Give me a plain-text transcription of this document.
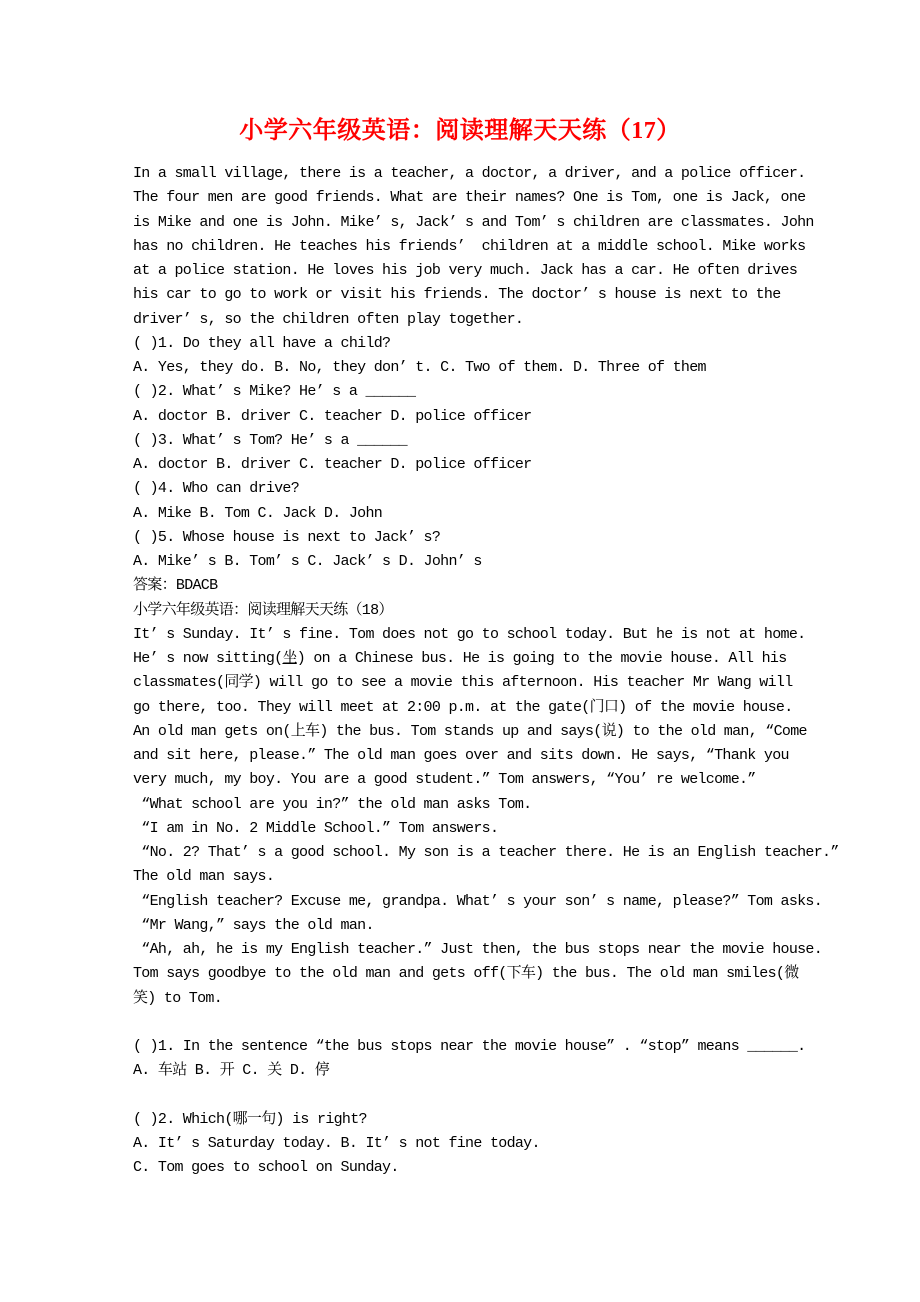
小学六年级英语：阅读理解天天练（17）
In a small village, there is a teacher, a doctor, a driver, and a police officer.
The four men are good friends. What are their names? One is Tom, one is Jack, one
is Mike and one is John. Mike’ s, Jack’ s and Tom’ s children are classmates. John
has no children. He teaches his friends’  children at a middle school. Mike works
at a police station. He loves his job very much. Jack has a car. He often drives
his car to go to work or visit his friends. The doctor’ s house is next to the
driver’ s, so the children often play together.
( )1. Do they all have a child?
A. Yes, they do. B. No, they don’ t. C. Two of them. D. Three of them
( )2. What’ s Mike? He’ s a ______
A. doctor B. driver C. teacher D. police officer
( )3. What’ s Tom? He’ s a ______
A. doctor B. driver C. teacher D. police officer
( )4. Who can drive?
A. Mike B. Tom C. Jack D. John
( )5. Whose house is next to Jack’ s?
A. Mike’ s B. Tom’ s C. Jack’ s D. John’ s
答案：BDACB
小学六年级英语：阅读理解天天练（18）
It’ s Sunday. It’ s fine. Tom does not go to school today. But he is not at home.
He’ s now sitting(坐) on a Chinese bus. He is going to the movie house. All his
classmates(同学) will go to see a movie this afternoon. His teacher Mr Wang will
go there, too. They will meet at 2:00 p.m. at the gate(门口) of the movie house.
An old man gets on(上车) the bus. Tom stands up and says(说) to the old man, “Come
and sit here, please.” The old man goes over and sits down. He says, “Thank you
very much, my boy. You are a good student.” Tom answers, “You’ re welcome.”
“What school are you in?” the old man asks Tom.
“I am in No. 2 Middle School.” Tom answers.
“No. 2? That’ s a good school. My son is a teacher there. He is an English teacher.”
The old man says.
“English teacher? Excuse me, grandpa. What’ s your son’ s name, please?” Tom asks.
“Mr Wang,” says the old man.
“Ah, ah, he is my English teacher.” Just then, the bus stops near the movie house.
Tom says goodbye to the old man and gets off(下车) the bus. The old man smiles(微
笑) to Tom.

( )1. In the sentence “the bus stops near the movie house” . “stop” means ______.
A. 车站 B. 开 C. 关 D. 停

( )2. Which(哪一句) is right?
A. It’ s Saturday today. B. It’ s not fine today.
C. Tom goes to school on Sunday.
